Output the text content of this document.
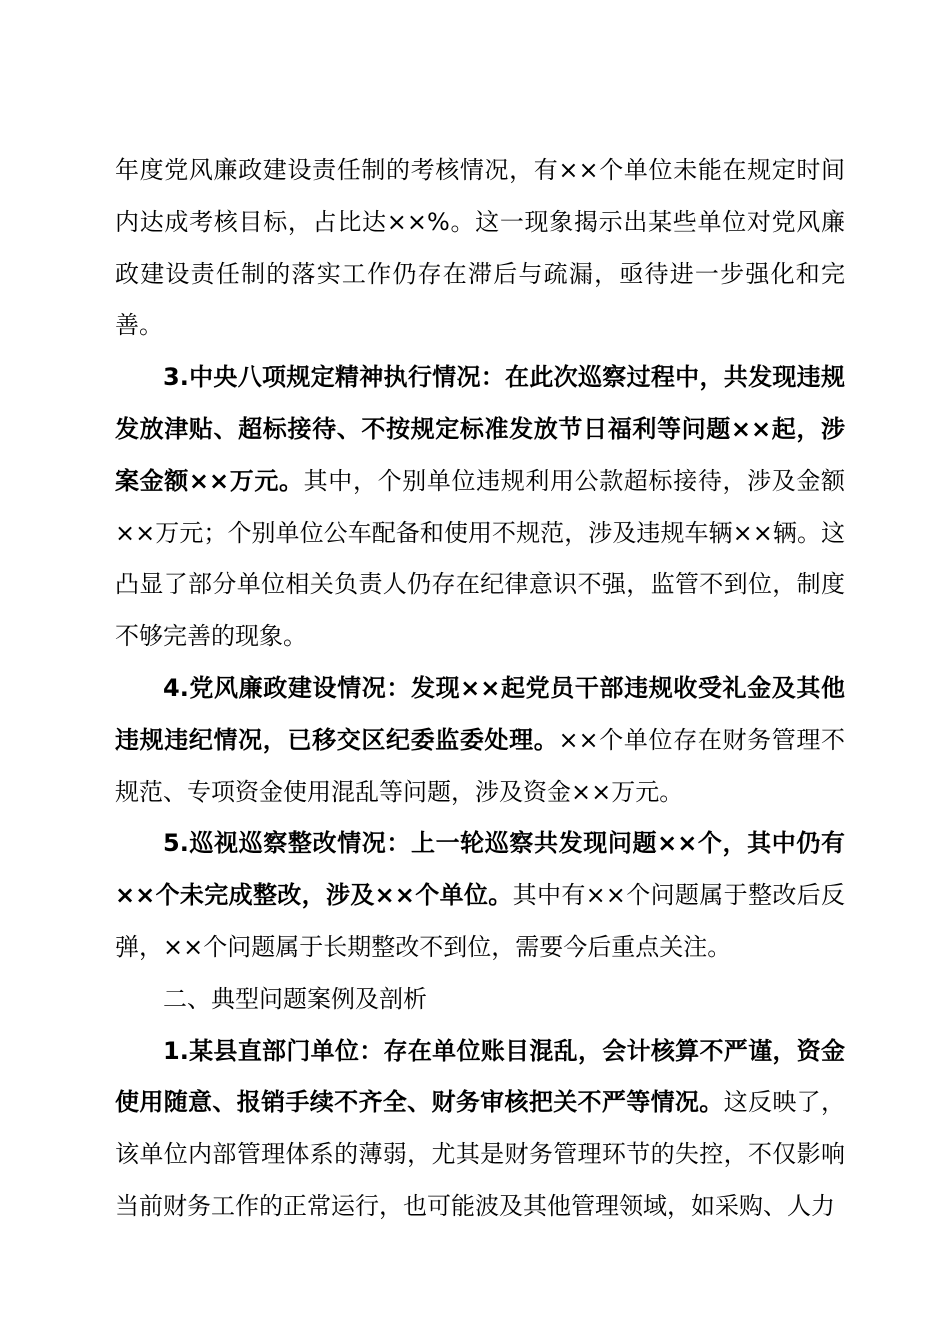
年度党风廉政建设责任制的考核情况，有××个单位未能在规定时间内达成考核目标，占比达××%。这一现象揭示出某些单位对党风廉政建设责任制的落实工作仍存在滞后与疏漏，亟待进一步强化和完善。

3.中央八项规定精神执行情况：在此次巡察过程中，共发现违规发放津贴、超标接待、不按规定标准发放节日福利等问题××起，涉案金额××万元。其中，个别单位违规利用公款超标接待，涉及金额××万元；个别单位公车配备和使用不规范，涉及违规车辆××辆。这凸显了部分单位相关负责人仍存在纪律意识不强，监管不到位，制度不够完善的现象。

4.党风廉政建设情况：发现××起党员干部违规收受礼金及其他违规违纪情况，已移交区纪委监委处理。××个单位存在财务管理不规范、专项资金使用混乱等问题，涉及资金××万元。

5.巡视巡察整改情况：上一轮巡察共发现问题××个，其中仍有××个未完成整改，涉及××个单位。其中有××个问题属于整改后反弹，××个问题属于长期整改不到位，需要今后重点关注。

二、典型问题案例及剖析

1.某县直部门单位：存在单位账目混乱，会计核算不严谨，资金使用随意、报销手续不齐全、财务审核把关不严等情况。这反映了，该单位内部管理体系的薄弱，尤其是财务管理环节的失控，不仅影响当前财务工作的正常运行，也可能波及其他管理领域，如采购、人力
